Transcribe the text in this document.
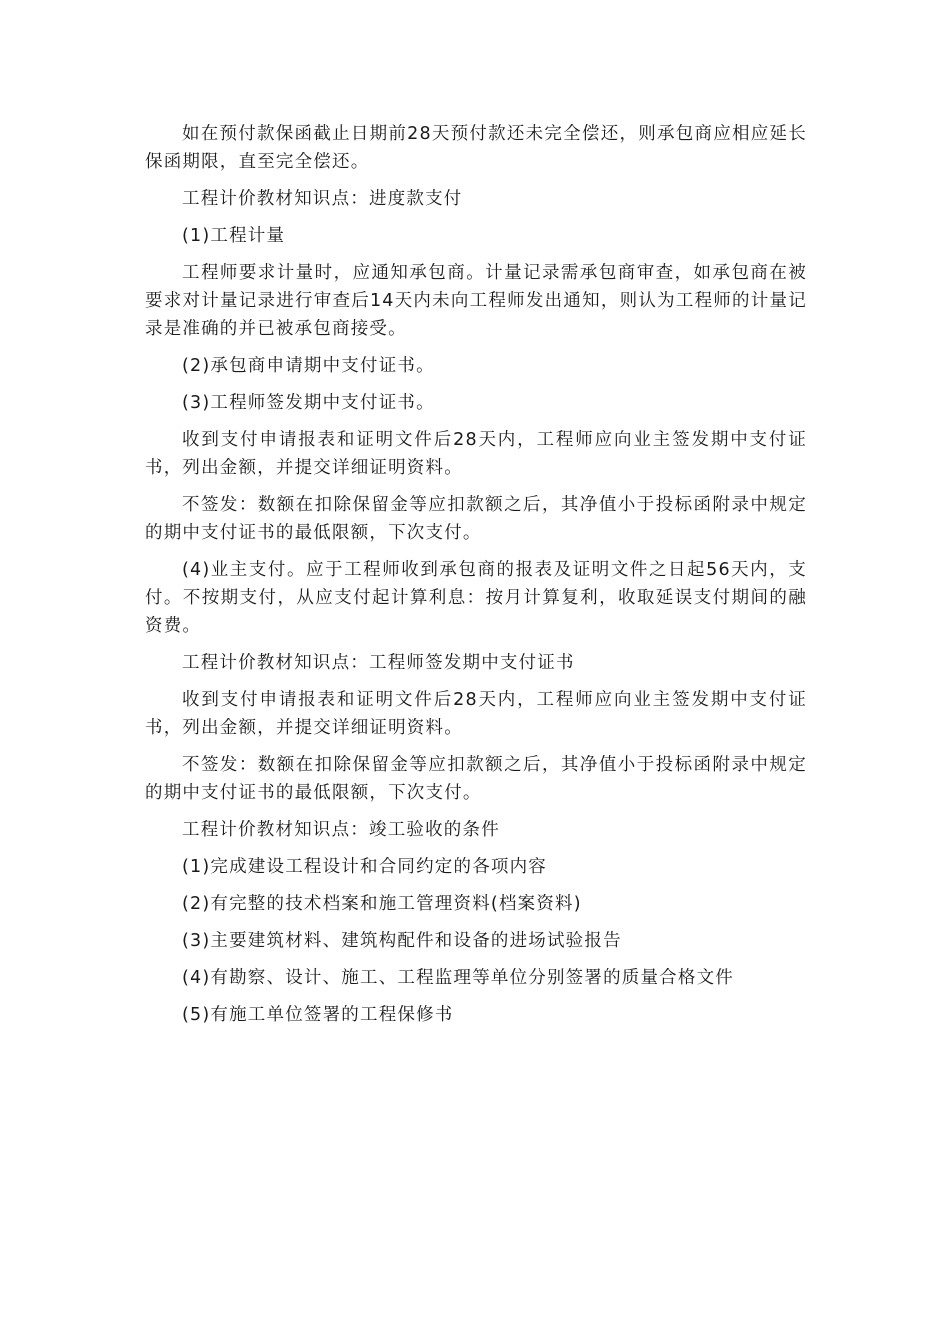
如在预付款保函截止日期前28天预付款还未完全偿还，则承包商应相应延长保函期限，直至完全偿还。

工程计价教材知识点：进度款支付

(1)工程计量

工程师要求计量时，应通知承包商。计量记录需承包商审查，如承包商在被要求对计量记录进行审查后14天内未向工程师发出通知，则认为工程师的计量记录是准确的并已被承包商接受。

(2)承包商申请期中支付证书。

(3)工程师签发期中支付证书。

收到支付申请报表和证明文件后28天内，工程师应向业主签发期中支付证书，列出金额，并提交详细证明资料。

不签发：数额在扣除保留金等应扣款额之后，其净值小于投标函附录中规定的期中支付证书的最低限额，下次支付。

(4)业主支付。应于工程师收到承包商的报表及证明文件之日起56天内，支付。不按期支付，从应支付起计算利息：按月计算复利，收取延误支付期间的融资费。

工程计价教材知识点：工程师签发期中支付证书

收到支付申请报表和证明文件后28天内，工程师应向业主签发期中支付证书，列出金额，并提交详细证明资料。

不签发：数额在扣除保留金等应扣款额之后，其净值小于投标函附录中规定的期中支付证书的最低限额，下次支付。

工程计价教材知识点：竣工验收的条件

(1)完成建设工程设计和合同约定的各项内容

(2)有完整的技术档案和施工管理资料(档案资料)

(3)主要建筑材料、建筑构配件和设备的进场试验报告

(4)有勘察、设计、施工、工程监理等单位分别签署的质量合格文件

(5)有施工单位签署的工程保修书
